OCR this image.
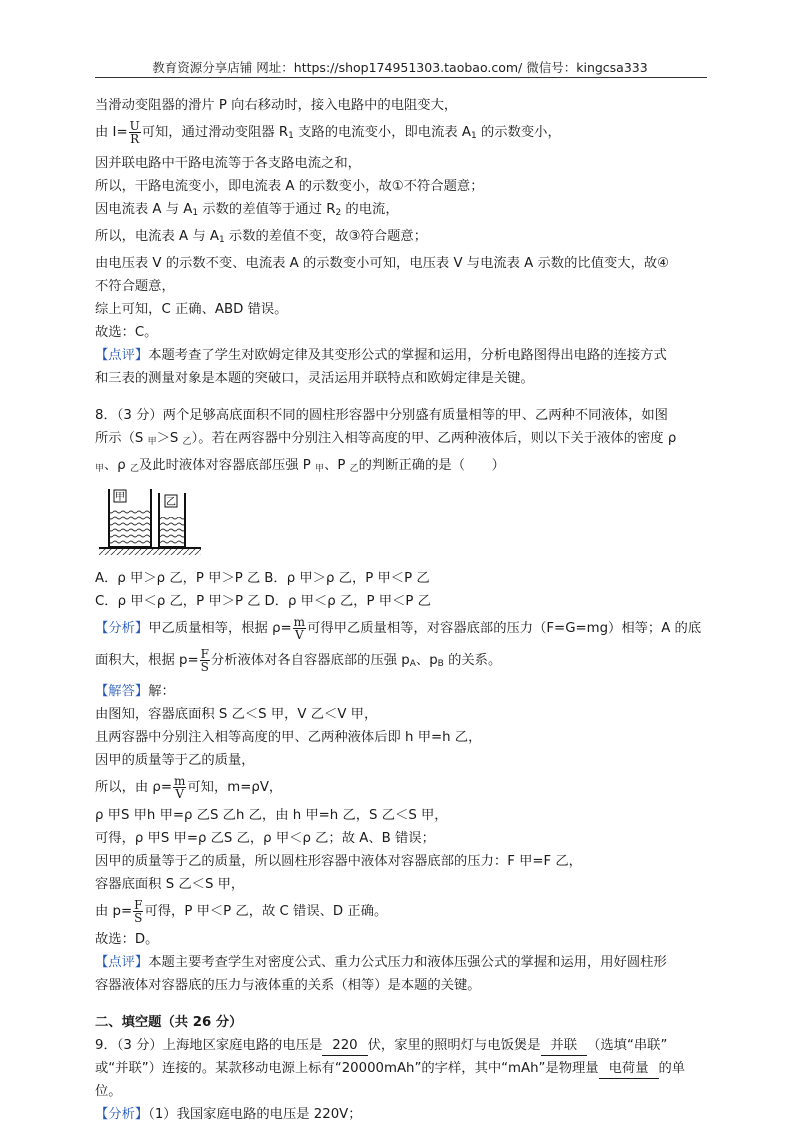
教育资源分享店铺 网址：https://shop174951303.taobao.com/ 微信号：kingcsa333
当滑动变阻器的滑片 P 向右移动时，接入电路中的电阻变大，
由 $I= \frac{U}{R}$ 可知，通过滑动变阻器 $R_1$ 支路的电流变小，即电流表 $A_1$ 的示数变小，
因并联电路中干路电流等于各支路电流之和，
所以，干路电流变小，即电流表 A 的示数变小，故①不符合题意；
因电流表 A 与 $A_1$ 示数的差值等于通过 $R_2$ 的电流，
所以，电流表 A 与 $A_1$ 示数的差值不变，故③符合题意；
由电压表 V 的示数不变、电流表 A 的示数变小可知，电压表 V 与电流表 A 示数的比值变大，故④
不符合题意，
综上可知，C 正确、ABD 错误。
故选：C。
【点评】本题考查了学生对欧姆定律及其变形公式的掌握和运用，分析电路图得出电路的连接方式
和三表的测量对象是本题的突破口，灵活运用并联特点和欧姆定律是关键。
8．（3 分）两个足够高底面积不同的圆柱形容器中分别盛有质量相等的甲、乙两种不同液体，如图
所示（S $_甲$＞S $_乙$）。若在两容器中分别注入相等高度的甲、乙两种液体后，则以下关于液体的密度 ρ
$_甲$、ρ $_乙$及此时液体对容器底部压强 P $_甲$、P $_乙$的判断正确的是（　　）
甲	乙
A．ρ 甲＞ρ 乙，P 甲＞P 乙 B．ρ 甲＞ρ 乙，P 甲＜P 乙
C．ρ 甲＜ρ 乙，P 甲＞P 乙 D．ρ 甲＜ρ 乙，P 甲＜P 乙
【分析】甲乙质量相等，根据 $\rho= \frac{m}{V}$ 可得甲乙质量相等，对容器底部的压力（F=G=mg）相等；A 的底
面积大，根据 $p= \frac{F}{S}$ 分析液体对各自容器底部的压强 $p_A$、$p_B$ 的关系。
【解答】解：
由图知，容器底面积 S 乙＜S 甲，V 乙＜V 甲，
且两容器中分别注入相等高度的甲、乙两种液体后即 h 甲=h 乙，
因甲的质量等于乙的质量，
所以，由 $\rho= \frac{m}{V}$ 可知，m=ρV，
ρ 甲S 甲h 甲=ρ 乙S 乙h 乙，由 h 甲=h 乙，S 乙＜S 甲，
可得，ρ 甲S 甲=ρ 乙S 乙，ρ 甲＜ρ 乙；故 A、B 错误；
因甲的质量等于乙的质量，所以圆柱形容器中液体对容器底部的压力：F 甲=F 乙，
容器底面积 S 乙＜S 甲，
由 $p= \frac{F}{S}$ 可得，P 甲＜P 乙，故 C 错误、D 正确。
故选：D。
【点评】本题主要考查学生对密度公式、重力公式压力和液体压强公式的掌握和运用，用好圆柱形
容器液体对容器底的压力与液体重的关系（相等）是本题的关键。
二、填空题（共 26 分）
9．（3 分）上海地区家庭电路的电压是 220 伏，家里的照明灯与电饭煲是 并联 （选填“串联”
或“并联”）连接的。某款移动电源上标有“20000mAh”的字样，其中“mAh”是物理量 电荷量 的单
位。
【分析】（1）我国家庭电路的电压是 220V；
